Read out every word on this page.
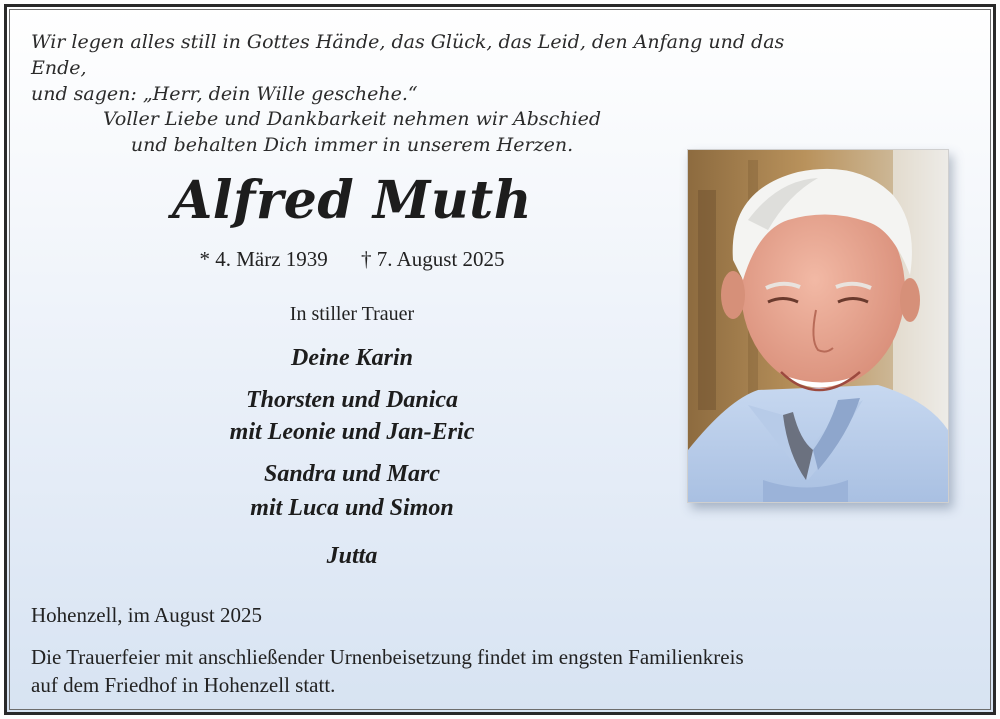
Wir legen alles still in Gottes Hände, das Glück, das Leid, den Anfang und das Ende,
und sagen: „Herr, dein Wille geschehe.“
Voller Liebe und Dankbarkeit nehmen wir Abschied
und behalten Dich immer in unserem Herzen.
Alfred Muth
* 4. März 1939 † 7. August 2025
In stiller Trauer
Deine Karin
Thorsten und Danica
mit Leonie und Jan-Eric
Sandra und Marc
mit Luca und Simon
Jutta
Hohenzell, im August 2025
Die Trauerfeier mit anschließender Urnenbeisetzung findet im engsten Familienkreis
auf dem Friedhof in Hohenzell statt.
